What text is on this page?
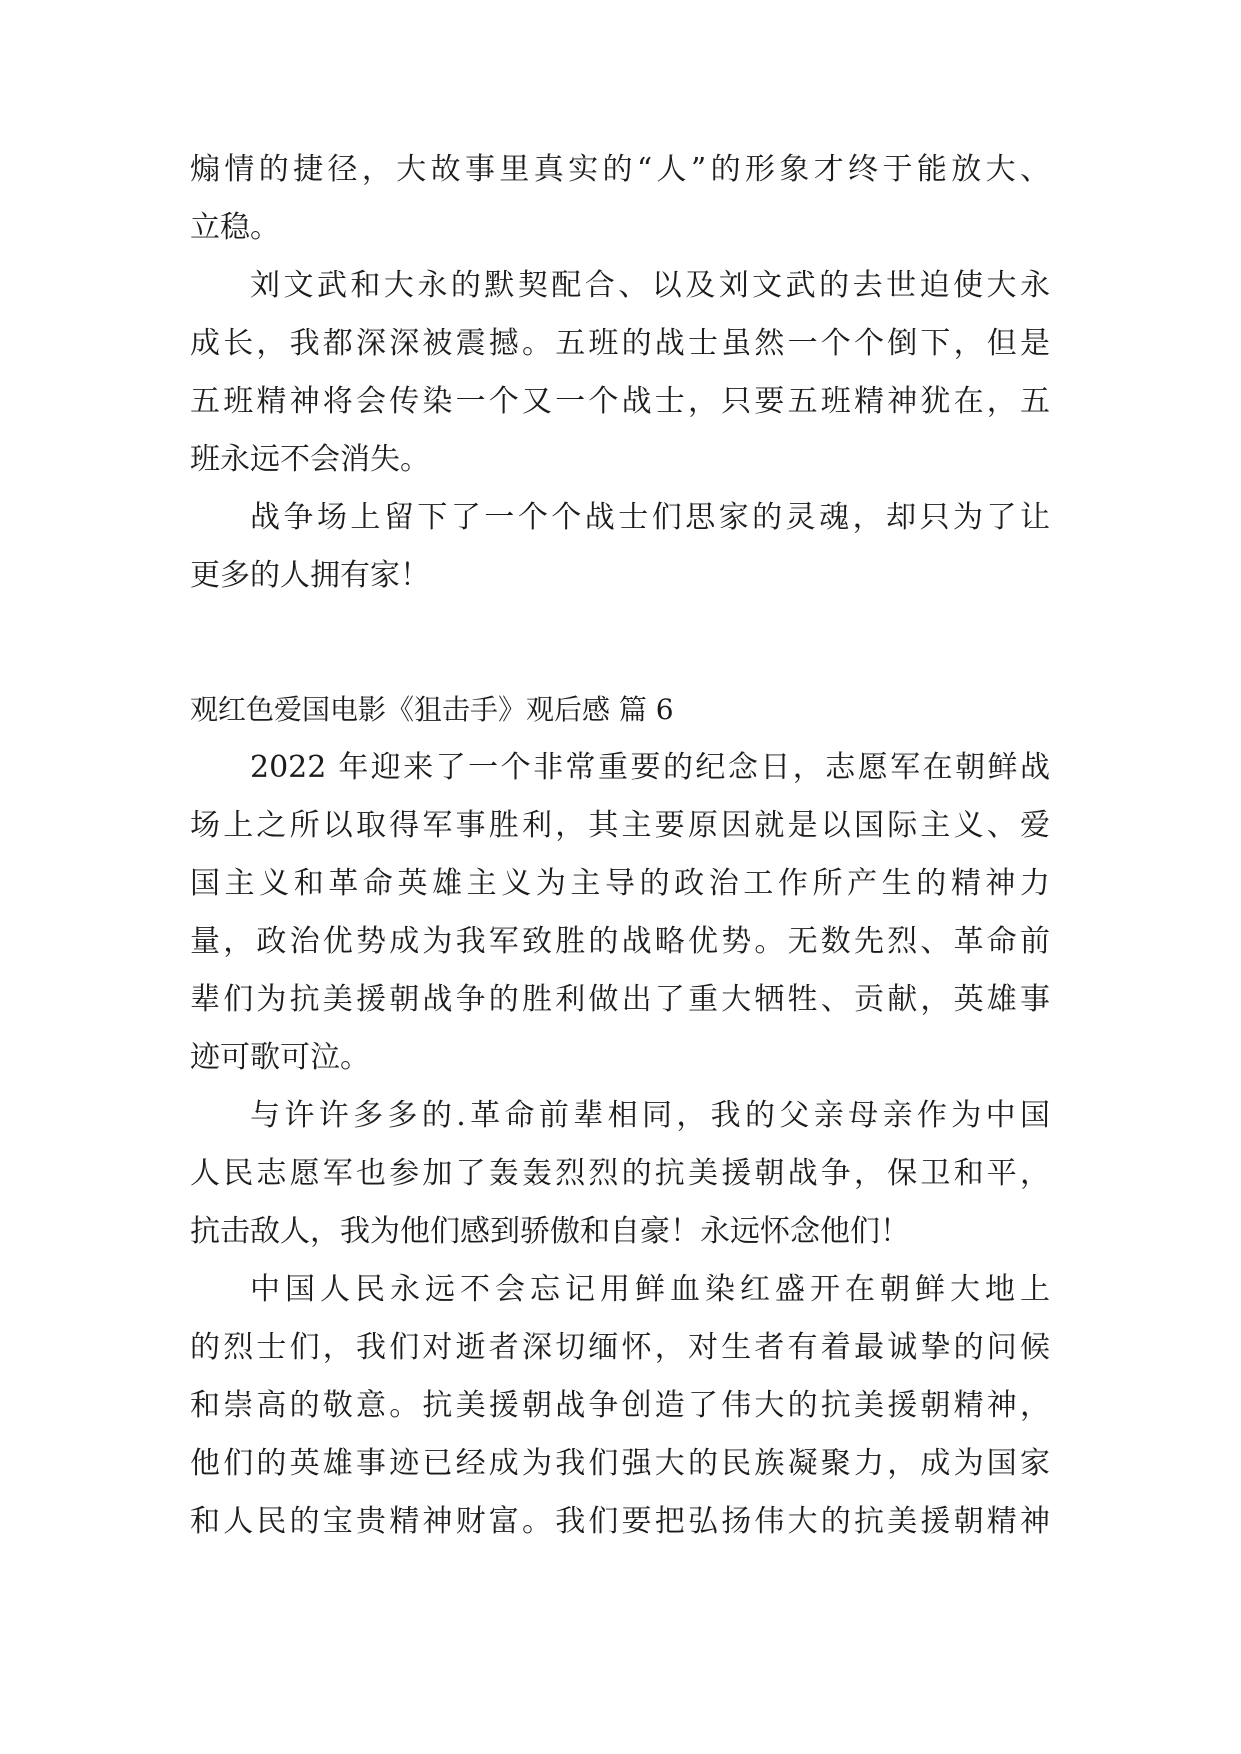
煽情的捷径，大故事里真实的“人”的形象才终于能放大、

立稳。

刘文武和大永的默契配合、以及刘文武的去世迫使大永

成长，我都深深被震撼。五班的战士虽然一个个倒下，但是

五班精神将会传染一个又一个战士，只要五班精神犹在，五

班永远不会消失。

战争场上留下了一个个战士们思家的灵魂，却只为了让

更多的人拥有家！

观红色爱国电影《狙击手》观后感 篇 6

2022 年迎来了一个非常重要的纪念日，志愿军在朝鲜战

场上之所以取得军事胜利，其主要原因就是以国际主义、爱

国主义和革命英雄主义为主导的政治工作所产生的精神力

量，政治优势成为我军致胜的战略优势。无数先烈、革命前

辈们为抗美援朝战争的胜利做出了重大牺牲、贡献，英雄事

迹可歌可泣。

与许许多多的.革命前辈相同，我的父亲母亲作为中国

人民志愿军也参加了轰轰烈烈的抗美援朝战争，保卫和平，

抗击敌人，我为他们感到骄傲和自豪！永远怀念他们！

中国人民永远不会忘记用鲜血染红盛开在朝鲜大地上

的烈士们，我们对逝者深切缅怀，对生者有着最诚挚的问候

和崇高的敬意。抗美援朝战争创造了伟大的抗美援朝精神，

他们的英雄事迹已经成为我们强大的民族凝聚力，成为国家

和人民的宝贵精神财富。我们要把弘扬伟大的抗美援朝精神
